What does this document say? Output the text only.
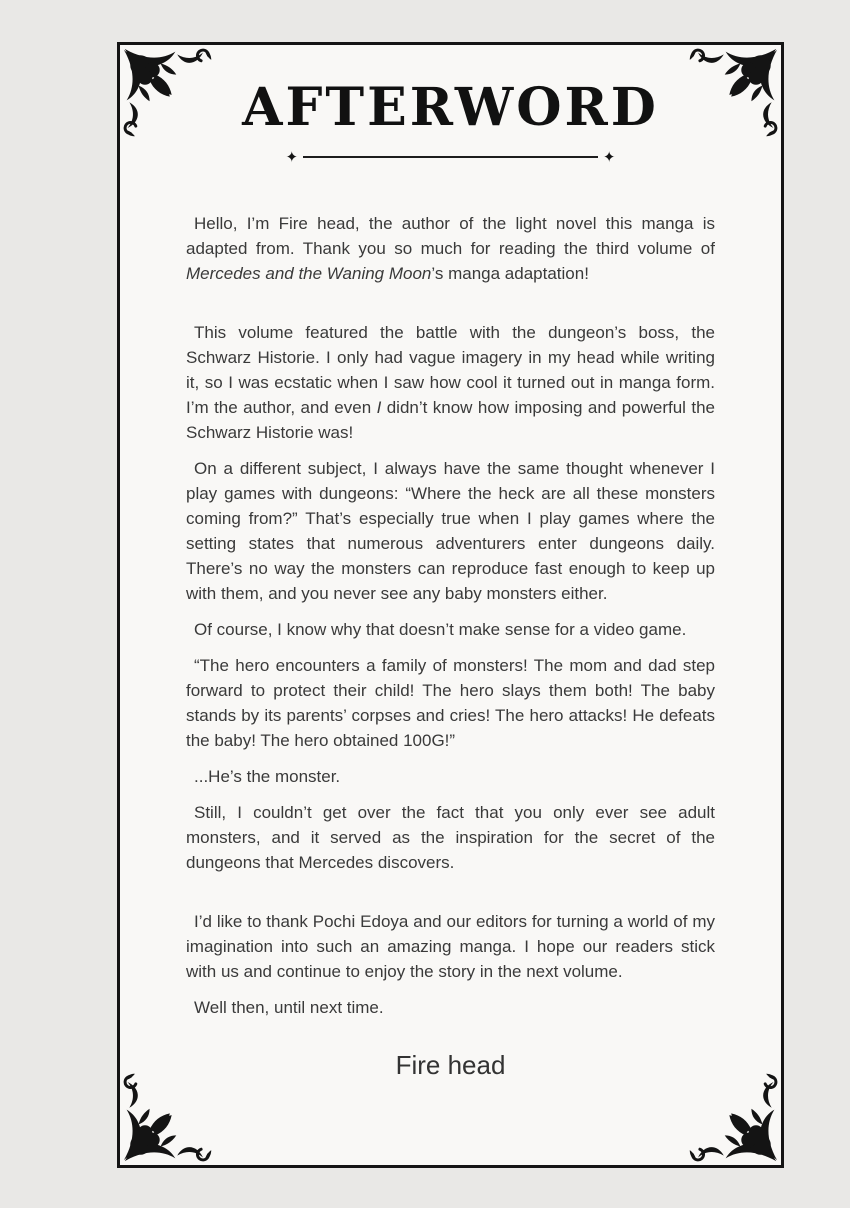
AFTERWORD
✦	✦

Hello, I’m Fire head, the author of the light novel this manga is adapted from. Thank you so much for reading the third volume of Mercedes and the Waning Moon’s manga adaptation!

This volume featured the battle with the dungeon’s boss, the Schwarz Historie. I only had vague imagery in my head while writing it, so I was ecstatic when I saw how cool it turned out in manga form. I’m the author, and even I didn’t know how imposing and powerful the Schwarz Historie was!

On a different subject, I always have the same thought whenever I play games with dungeons: “Where the heck are all these monsters coming from?” That’s especially true when I play games where the setting states that numerous adventurers enter dungeons daily. There’s no way the monsters can reproduce fast enough to keep up with them, and you never see any baby monsters either.

Of course, I know why that doesn’t make sense for a video game.

“The hero encounters a family of monsters! The mom and dad step forward to protect their child! The hero slays them both! The baby stands by its parents’ corpses and cries! The hero attacks! He defeats the baby! The hero obtained 100G!”

...He’s the monster.

Still, I couldn’t get over the fact that you only ever see adult monsters, and it served as the inspiration for the secret of the dungeons that Mercedes discovers.

I’d like to thank Pochi Edoya and our editors for turning a world of my imagination into such an amazing manga. I hope our readers stick with us and continue to enjoy the story in the next volume.

Well then, until next time.

Fire head
